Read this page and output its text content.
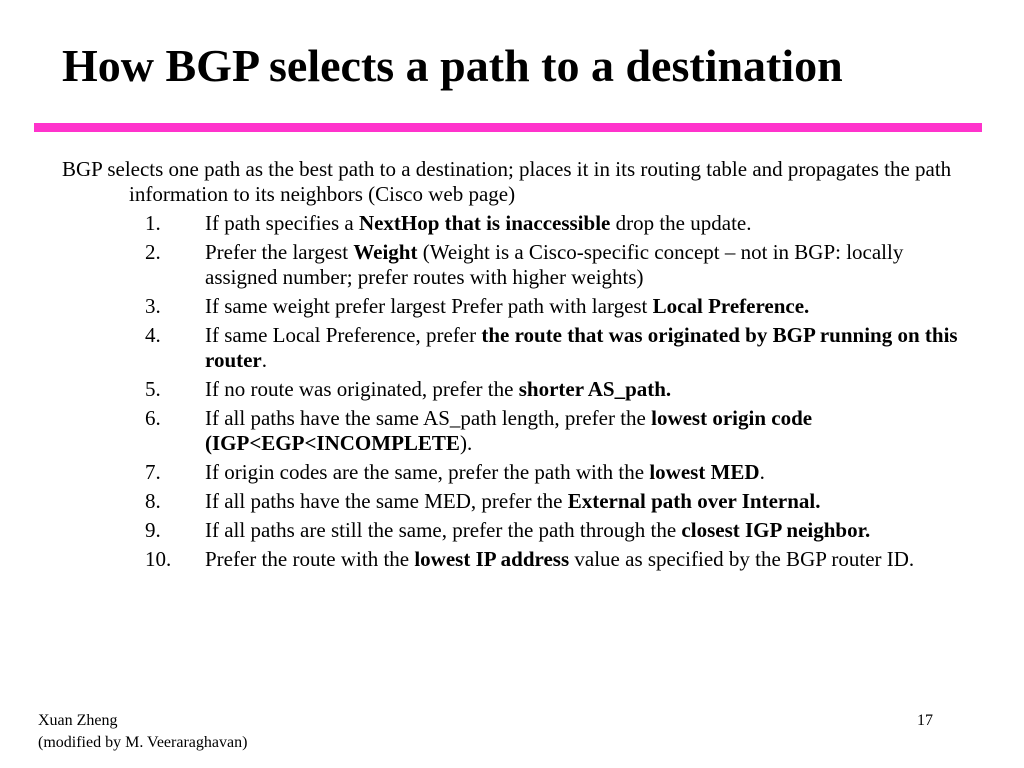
How BGP selects a path to a destination

BGP selects one path as the best path to a destination; places it in its routing table and propagates the path information to its neighbors (Cisco web page)

1. If path specifies a NextHop that is inaccessible drop the update.
2. Prefer the largest Weight (Weight is a Cisco-specific concept – not in BGP: locally assigned number; prefer routes with higher weights)
3. If same weight prefer largest Prefer path with largest Local Preference.
4. If same Local Preference, prefer the route that was originated by BGP running on this router.
5. If no route was originated, prefer the shorter AS_path.
6. If all paths have the same AS_path length, prefer the lowest origin code (IGP<EGP<INCOMPLETE).
7. If origin codes are the same, prefer the path with the lowest MED.
8. If all paths have the same MED, prefer the External path over Internal.
9. If all paths are still the same, prefer the path through the closest IGP neighbor.
10. Prefer the route with the lowest IP address value as specified by the BGP router ID.
Xuan Zheng
(modified by M. Veeraraghavan)
17
